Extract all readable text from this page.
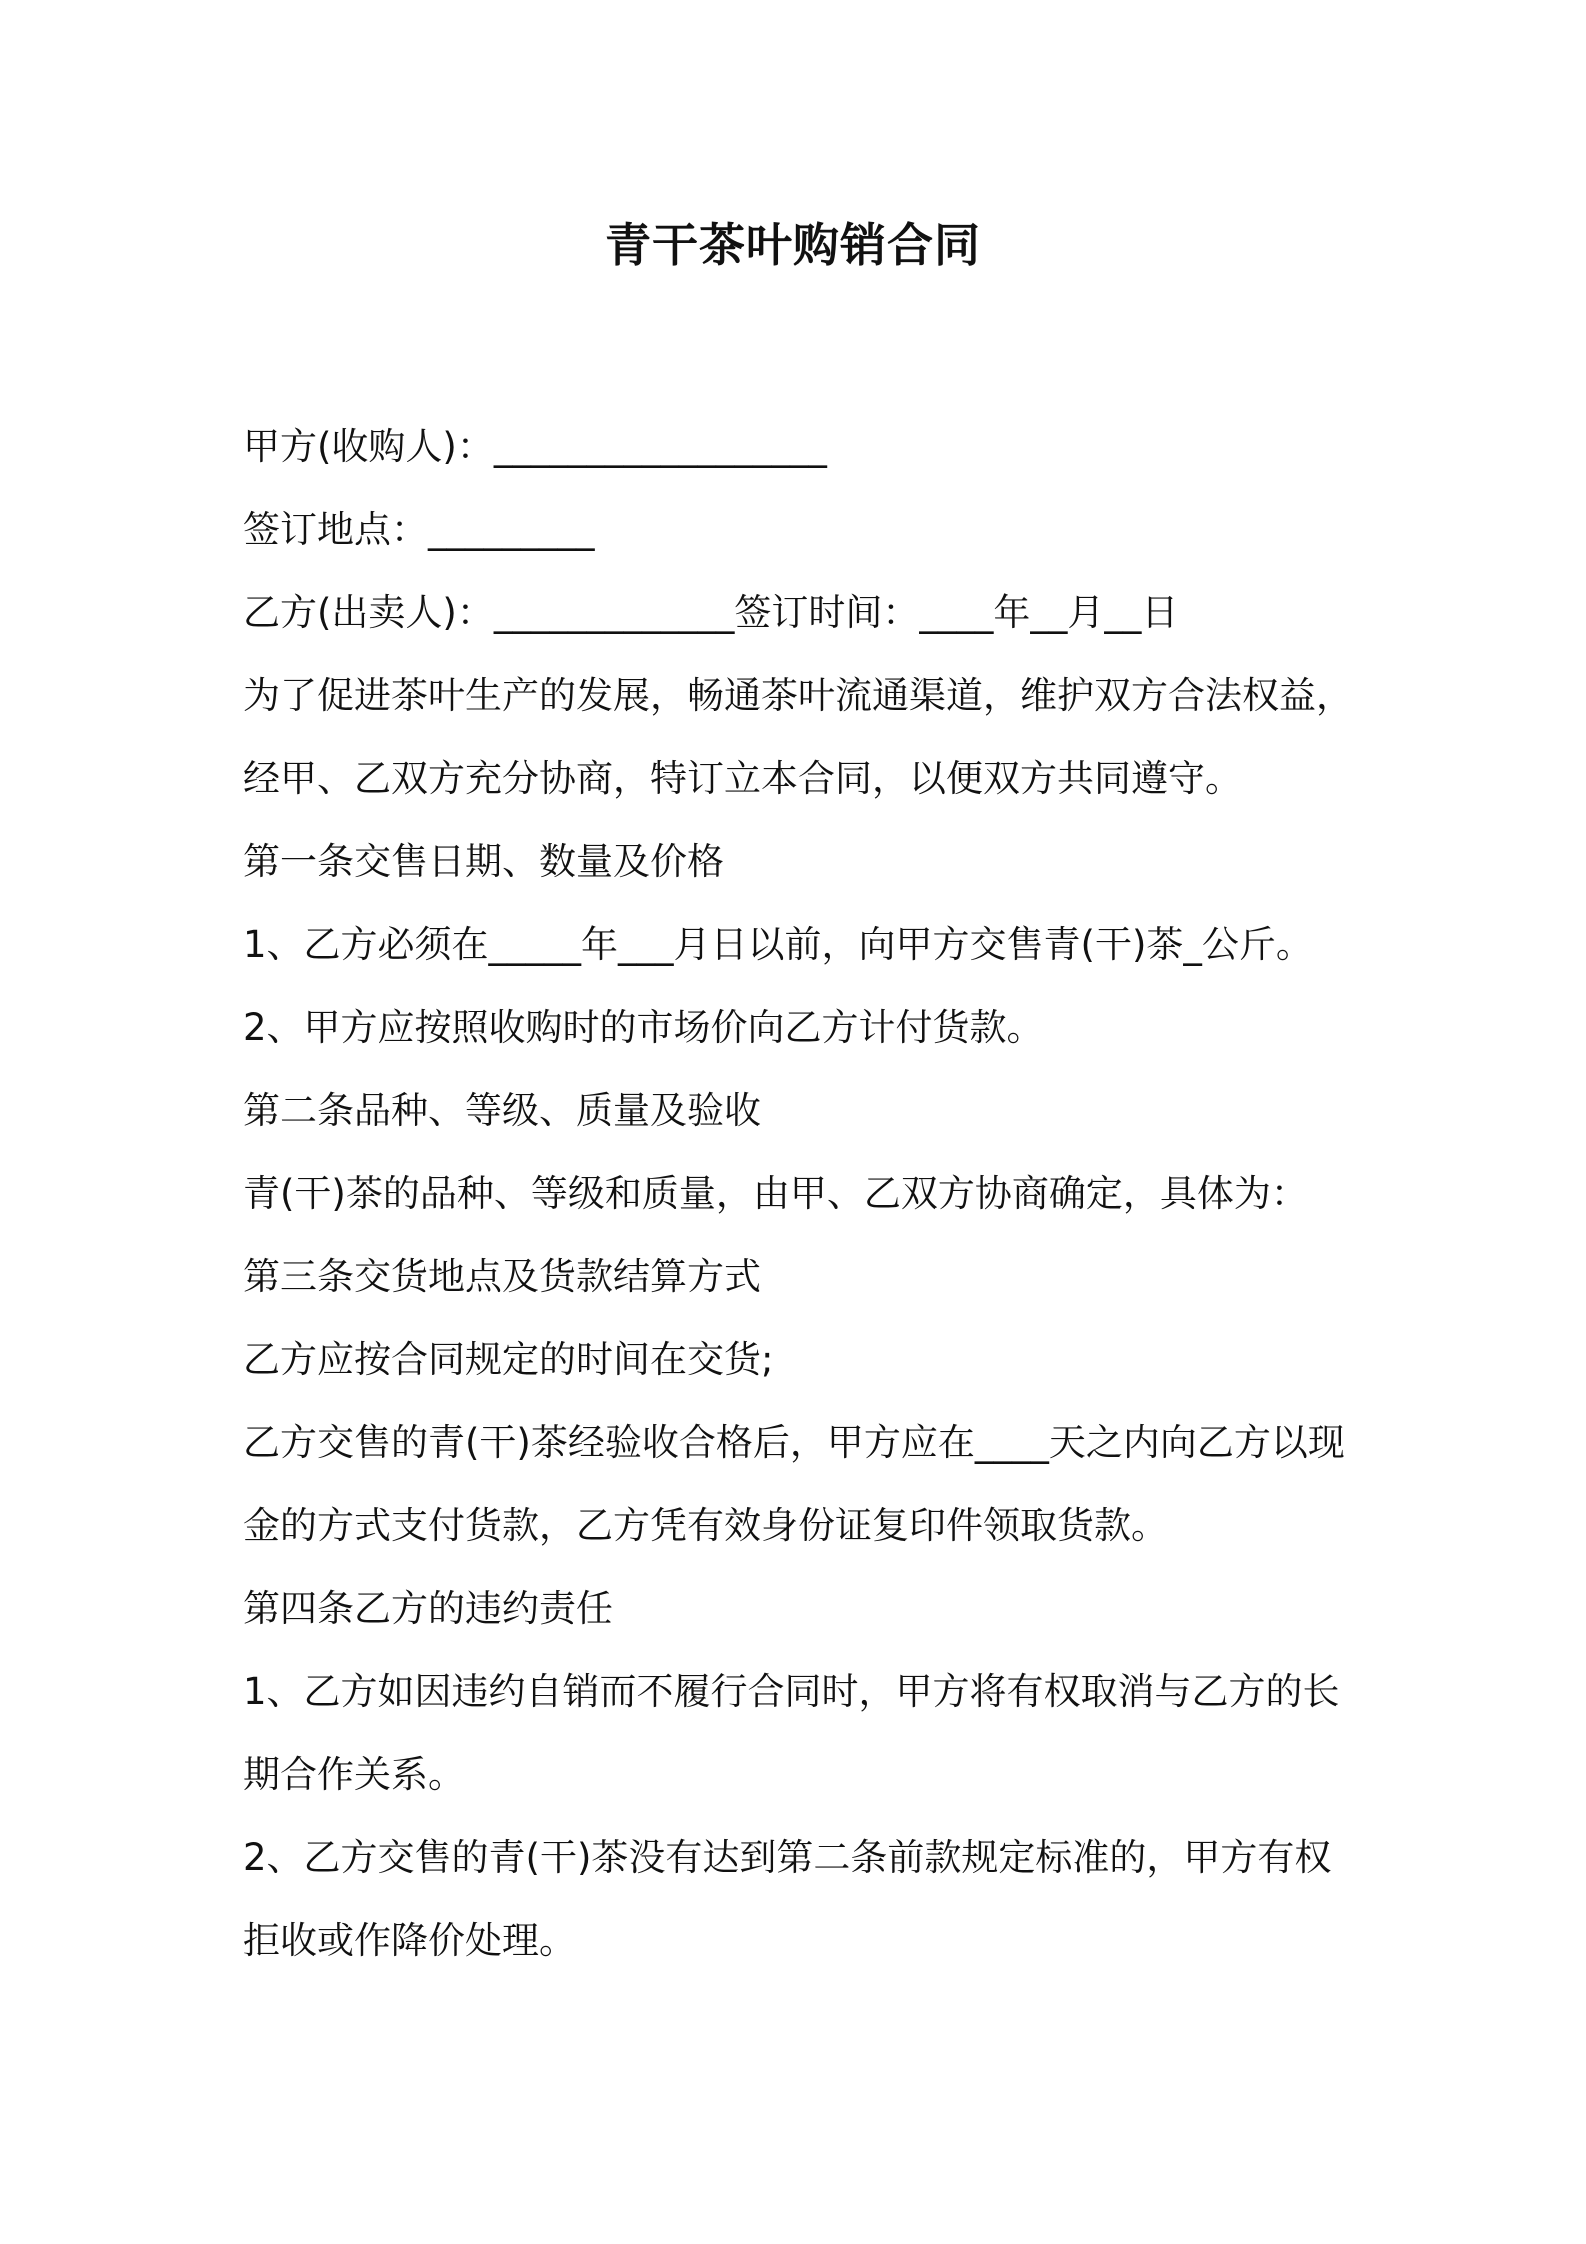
青干茶叶购销合同
甲方(收购人)：__________________
签订地点：_________
乙方(出卖人)：_____________签订时间：____年__月__日
为了促进茶叶生产的发展，畅通茶叶流通渠道，维护双方合法权益，
经甲、乙双方充分协商，特订立本合同，以便双方共同遵守。
第一条交售日期、数量及价格
1、乙方必须在_____年___月日以前，向甲方交售青(干)茶_公斤。
2、甲方应按照收购时的市场价向乙方计付货款。
第二条品种、等级、质量及验收
青(干)茶的品种、等级和质量，由甲、乙双方协商确定，具体为：
第三条交货地点及货款结算方式
乙方应按合同规定的时间在交货;
乙方交售的青(干)茶经验收合格后，甲方应在____天之内向乙方以现
金的方式支付货款，乙方凭有效身份证复印件领取货款。
第四条乙方的违约责任
1、乙方如因违约自销而不履行合同时，甲方将有权取消与乙方的长
期合作关系。
2、乙方交售的青(干)茶没有达到第二条前款规定标准的，甲方有权
拒收或作降价处理。
